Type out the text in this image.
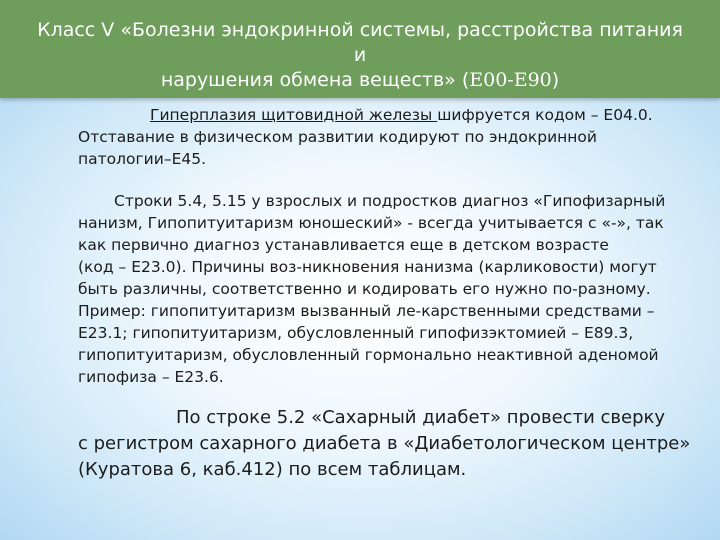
Класс V «Болезни эндокринной системы, расстройства питания и
нарушения обмена веществ» (Е00-Е90)
Гиперплазия щитовидной железы шифруется кодом – Е04.0.
Отставание в физическом развитии кодируют по эндокринной
патологии–Е45.
Строки 5.4, 5.15 у взрослых и подростков диагноз «Гипофизарный
нанизм, Гипопитуитаризм юношеский» - всегда учитывается с «-», так
как первично диагноз устанавливается еще в детском возрасте
(код – Е23.0). Причины воз-никновения нанизма (карликовости) могут
быть различны, соответственно и кодировать его нужно по-разному.
Пример: гипопитуитаризм вызванный ле-карственными средствами –
Е23.1; гипопитуитаризм, обусловленный гипофизэктомией – Е89.3,
гипопитуитаризм, обусловленный гормонально неактивной аденомой
гипофиза – Е23.6.
По строке 5.2 «Сахарный диабет» провести сверку
с регистром сахарного диабета в «Диабетологическом центре»
(Куратова 6, каб.412) по всем таблицам.
